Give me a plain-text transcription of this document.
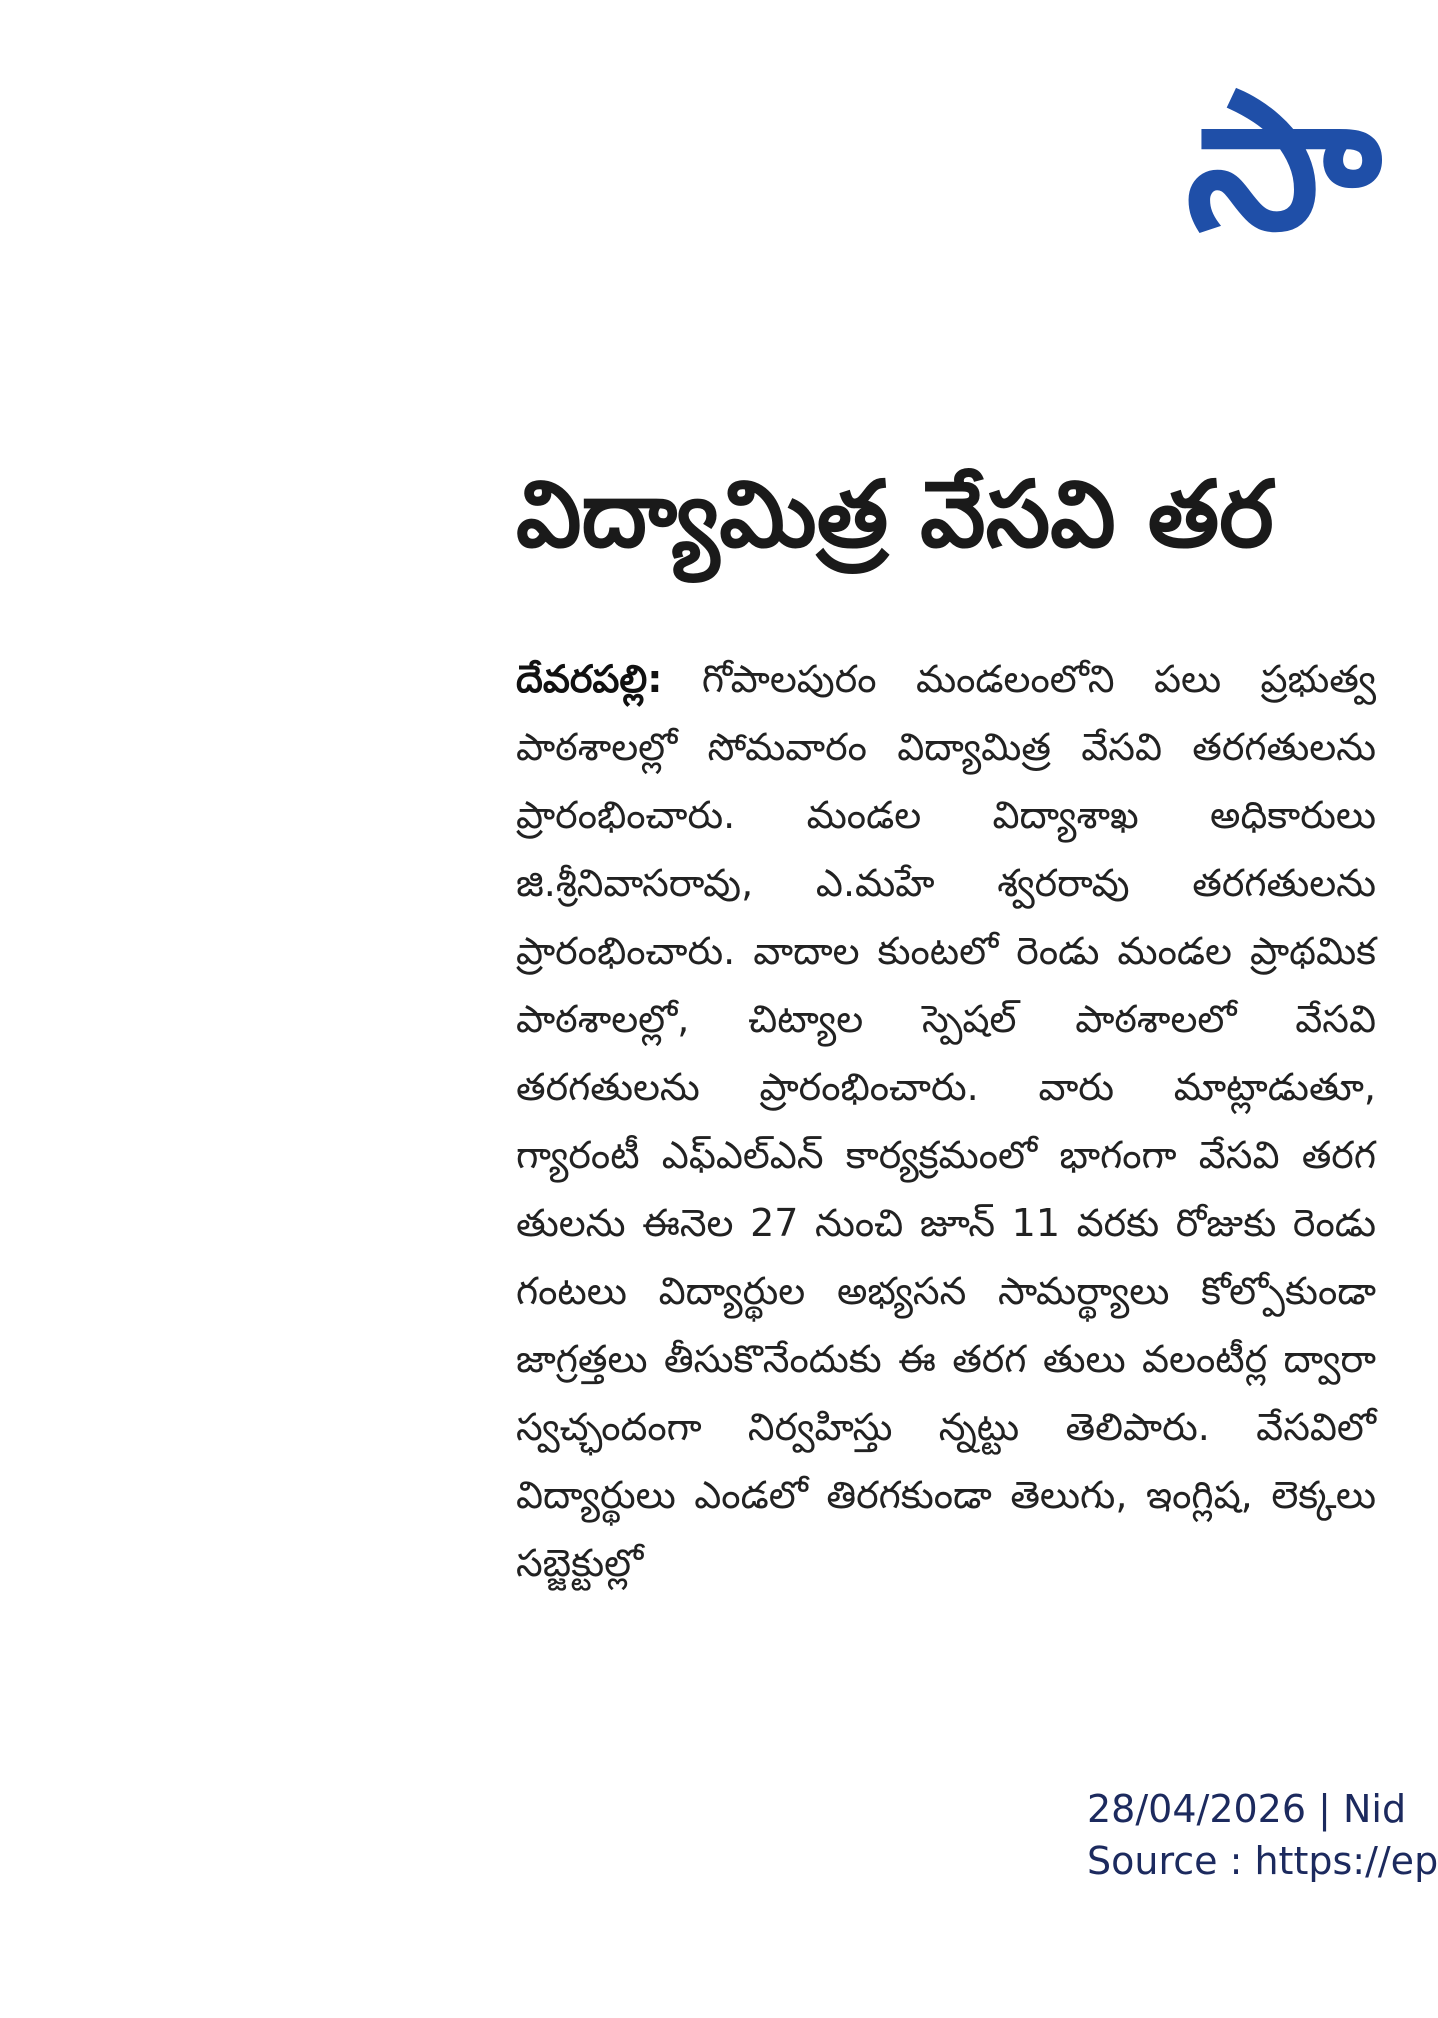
సా
విద్యామిత్ర వేసవి తర

దేవరపల్లి: గోపాలపురం మండలంలోని పలు ప్రభుత్వ పాఠశాలల్లో సోమవారం విద్యామిత్ర వేసవి తరగతులను ప్రారంభించారు. మండల విద్యాశాఖ అధికారులు జి.శ్రీనివాసరావు, ఎ.మహే శ్వరరావు తరగతులను ప్రారంభించారు. వాదాల కుంటలో రెండు మండల ప్రాథమిక పాఠశాలల్లో, చిట్యాల స్పెషల్ పాఠశాలలో వేసవి తరగతులను ప్రారంభించారు. వారు మాట్లాడుతూ, గ్యారంటీ ఎఫ్ఎల్ఎన్ కార్యక్రమంలో భాగంగా వేసవి తరగ తులను ఈనెల 27 నుంచి జూన్ 11 వరకు రోజుకు రెండు గంటలు విద్యార్థుల అభ్యసన సామర్థ్యాలు కోల్పోకుండా జాగ్రత్తలు తీసుకొనేందుకు ఈ తరగ తులు వలంటీర్ల ద్వారా స్వచ్ఛందంగా నిర్వహిస్తు న్నట్టు తెలిపారు. వేసవిలో విద్యార్థులు ఎండలో తిరగకుండా తెలుగు, ఇంగ్లిష, లెక్కలు సబ్జెక్టుల్లో

28/04/2026 | Nid
Source : https://ep
